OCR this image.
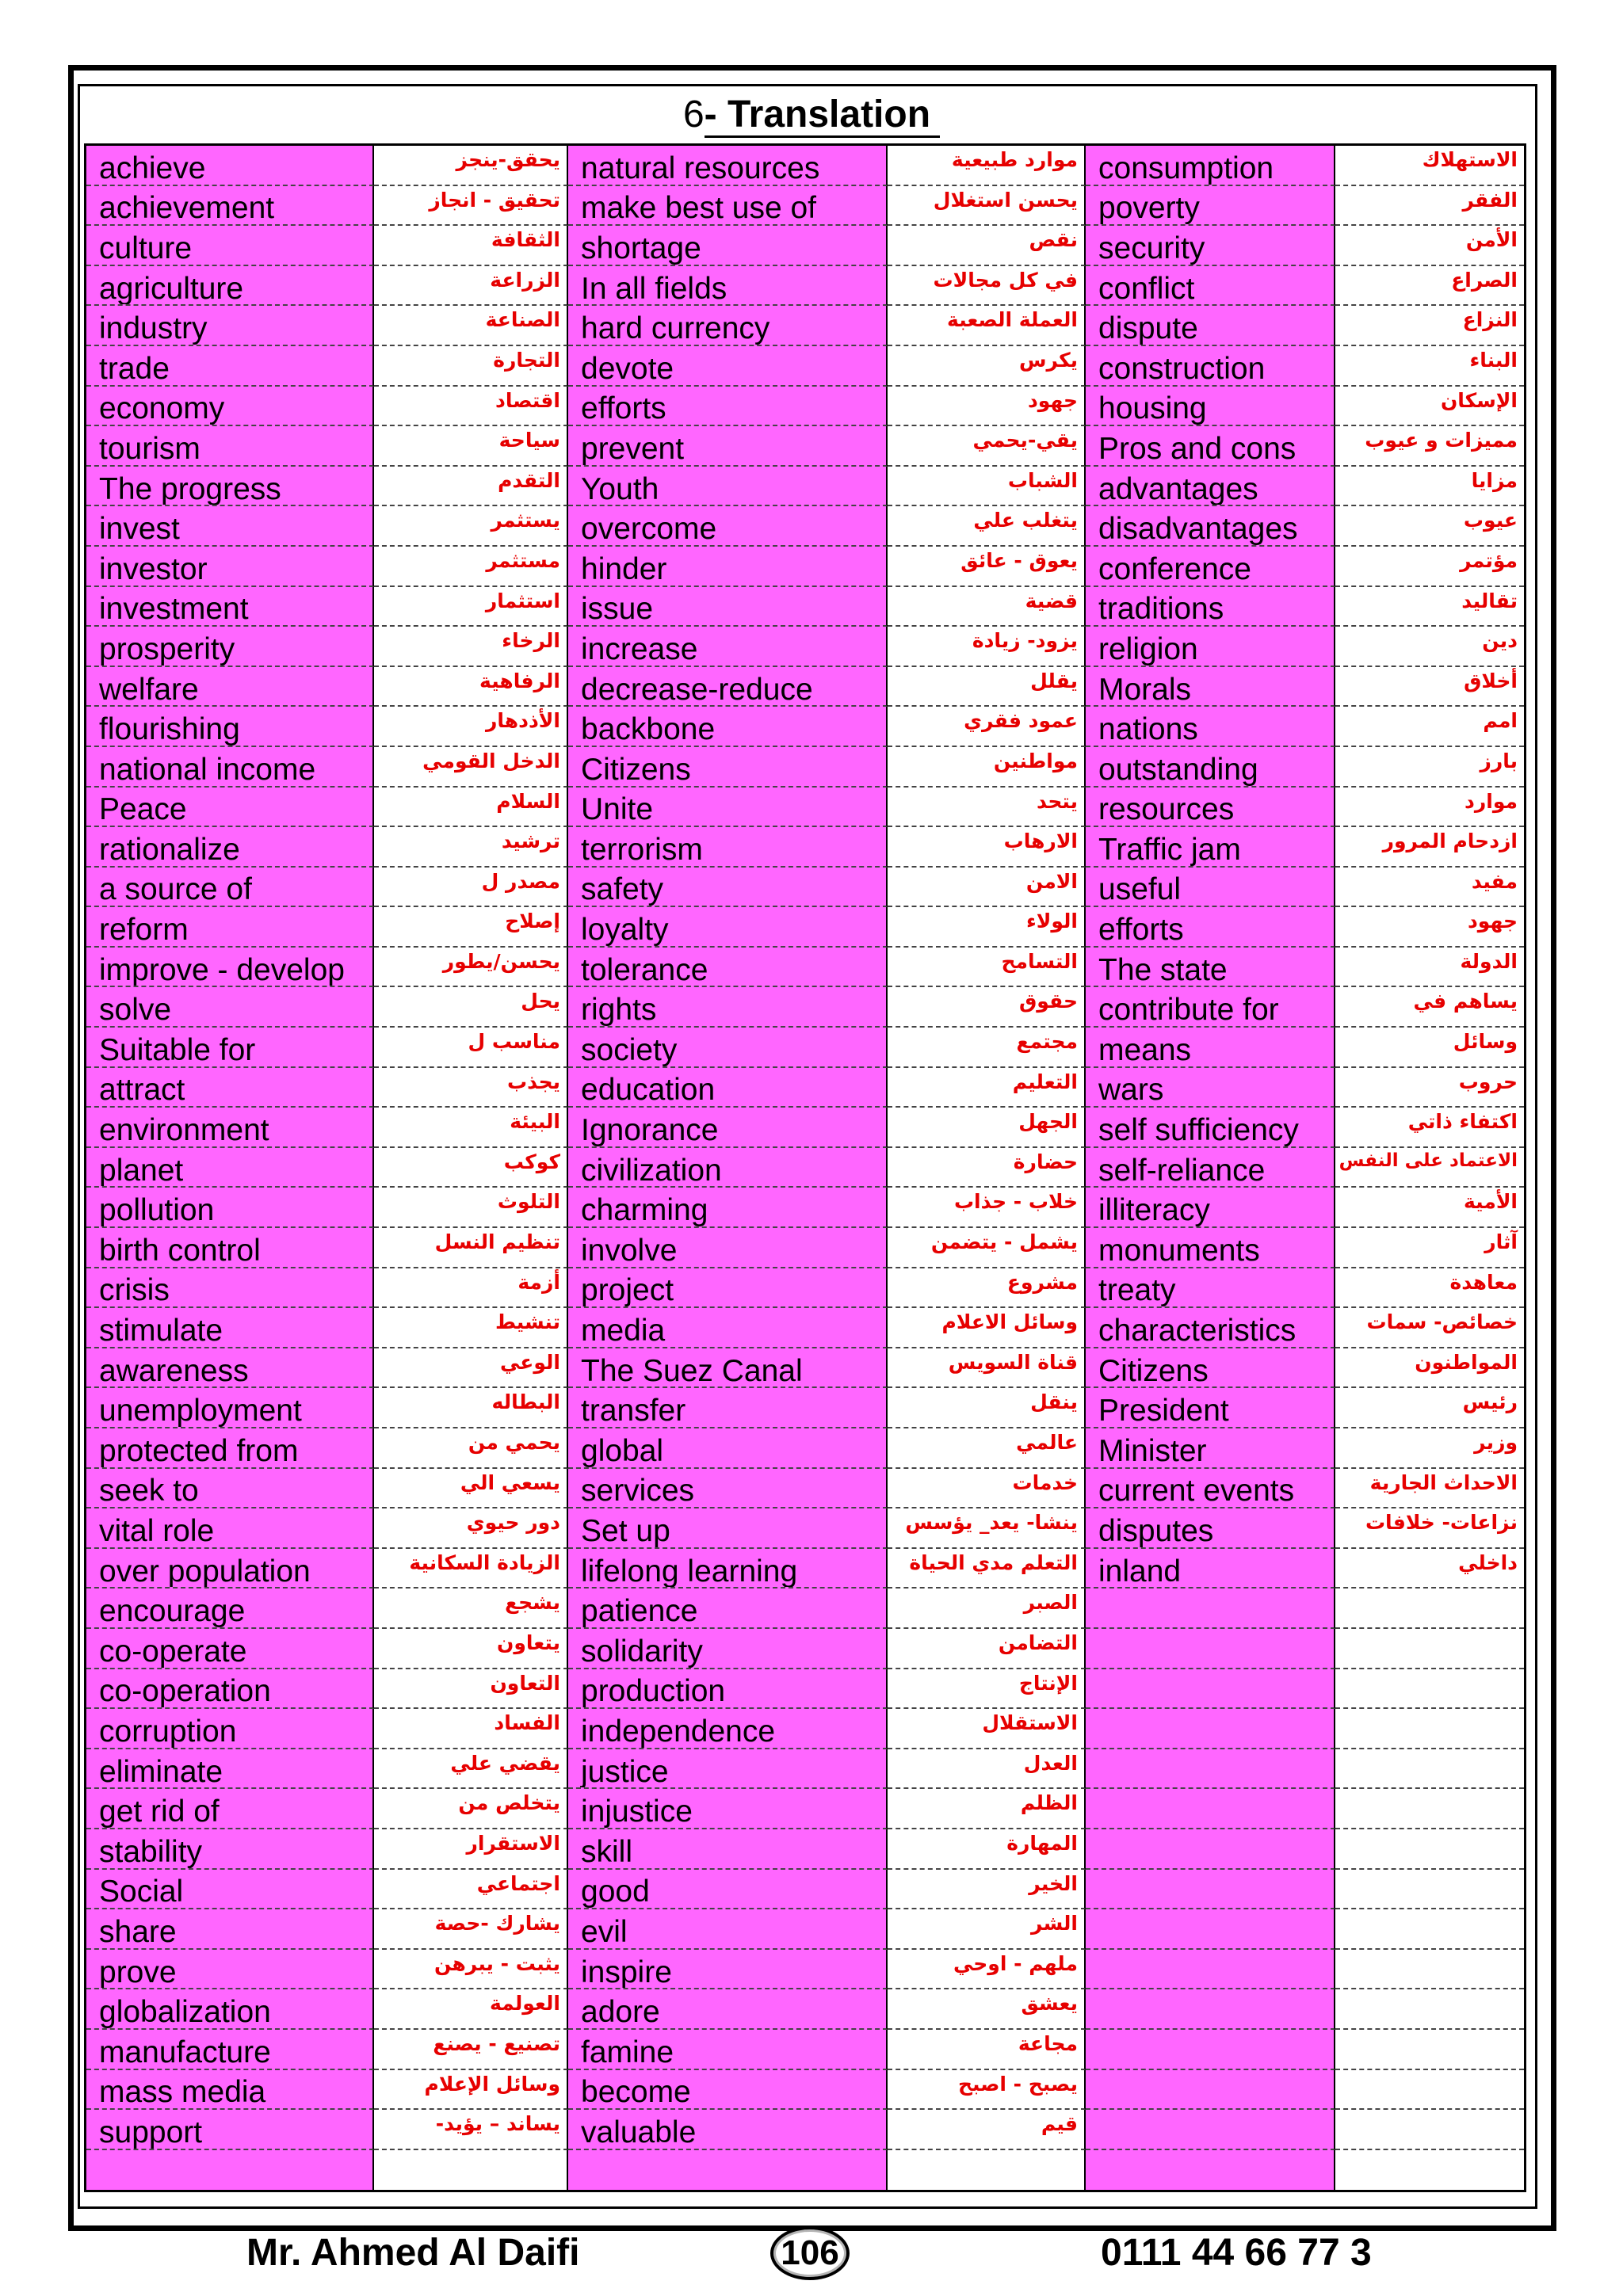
6- Translation
achieve	يحقق-ينجز natural resources	موارد طبيعية consumption	الاستهلاك
achievement	تحقيق - انجاز make best use of	يحسن استغلال poverty	الفقر
culture	الثقافة shortage	نقص security	الأمن
agriculture	الزراعة In all fields	في كل مجالات conflict	الصراع
industry	الصناعة hard currency	العملة الصعبة dispute	النزاع
trade	التجارة devote	يكرس construction	البناء
economy	اقتصاد efforts	جهود housing	الإسكان
tourism	سياحة prevent	يقي-يحمي Pros and cons	مميزات و عيوب
The progress	التقدم Youth	الشباب advantages	مزايا
invest	يستثمر overcome	يتغلب علي disadvantages	عيوب
investor	مستثمر hinder	يعوق - عائق conference	مؤتمر
investment	استثمار issue	قضية traditions	تقاليد
prosperity	الرخاء increase	يزود- زيادة religion	دين
welfare	الرفاهية decrease-reduce	يقلل Morals	أخلاق
flourishing	الأذدهار backbone	عمود فقري nations	امم
national income	الدخل القومي Citizens	مواطنين outstanding	بارز
Peace	السلام Unite	يتحد resources	موارد
rationalize	ترشيد terrorism	الارهاب Traffic jam	ازدحام المرور
a source of	مصدر ل safety	الامن useful	مفيد
reform	إصلاح loyalty	الولاء efforts	جهود
improve - develop	يحسن/يطور tolerance	التسامح The state	الدولة
solve	يحل rights	حقوق contribute for	يساهم في
Suitable for	مناسب ل society	مجتمع means	وسائل
attract	يجذب education	التعليم wars	حروب
environment	البيئة Ignorance	الجهل self sufficiency	اكتفاء ذاتي
planet	كوكب civilization	حضارة self-reliance	الاعتماد على النفس
pollution	التلوث charming	خلاب - جذاب illiteracy	الأمية
birth control	تنظيم النسل involve	يشمل - يتضمن monuments	آثار
crisis	أزمة project	مشروع treaty	معاهدة
stimulate	تنشيط media	وسائل الاعلام characteristics	خصائص- سمات
awareness	الوعي The Suez Canal	قناة السويس Citizens	المواطنون
unemployment	البطاله transfer	ينقل President	رئيس
protected from	يحمي من global	عالمي Minister	وزير
seek to	يسعي الي services	خدمات current events	الاحداث الجارية
vital role	دور حيوي Set up	ينشا- يعد_ يؤسس disputes	نزاعات- خلافات
over population	الزيادة السكانية lifelong learning	التعلم مدي الحياة inland	داخلي
encourage	يشجع patience	الصبر
co-operate	يتعاون solidarity	التضامن
co-operation	التعاون production	الإنتاج
corruption	الفساد independence	الاستقلال
eliminate	يقضي علي justice	العدل
get rid of	يتخلص من injustice	الظلم
stability	الاستقرار skill	المهارة
Social	اجتماعي good	الخير
share	يشارك -حصة evil	الشر
prove	يثبت - يبرهن inspire	ملهم - اوحي
globalization	العولمة adore	يعشق
manufacture	تصنيع - يصنع famine	مجاعة
mass media	وسائل الإعلام become	يصبح - اصبح
support	يساند – يؤيد- valuable	قيم
Mr. Ahmed Al Daifi	106	0111 44 66 77 3
